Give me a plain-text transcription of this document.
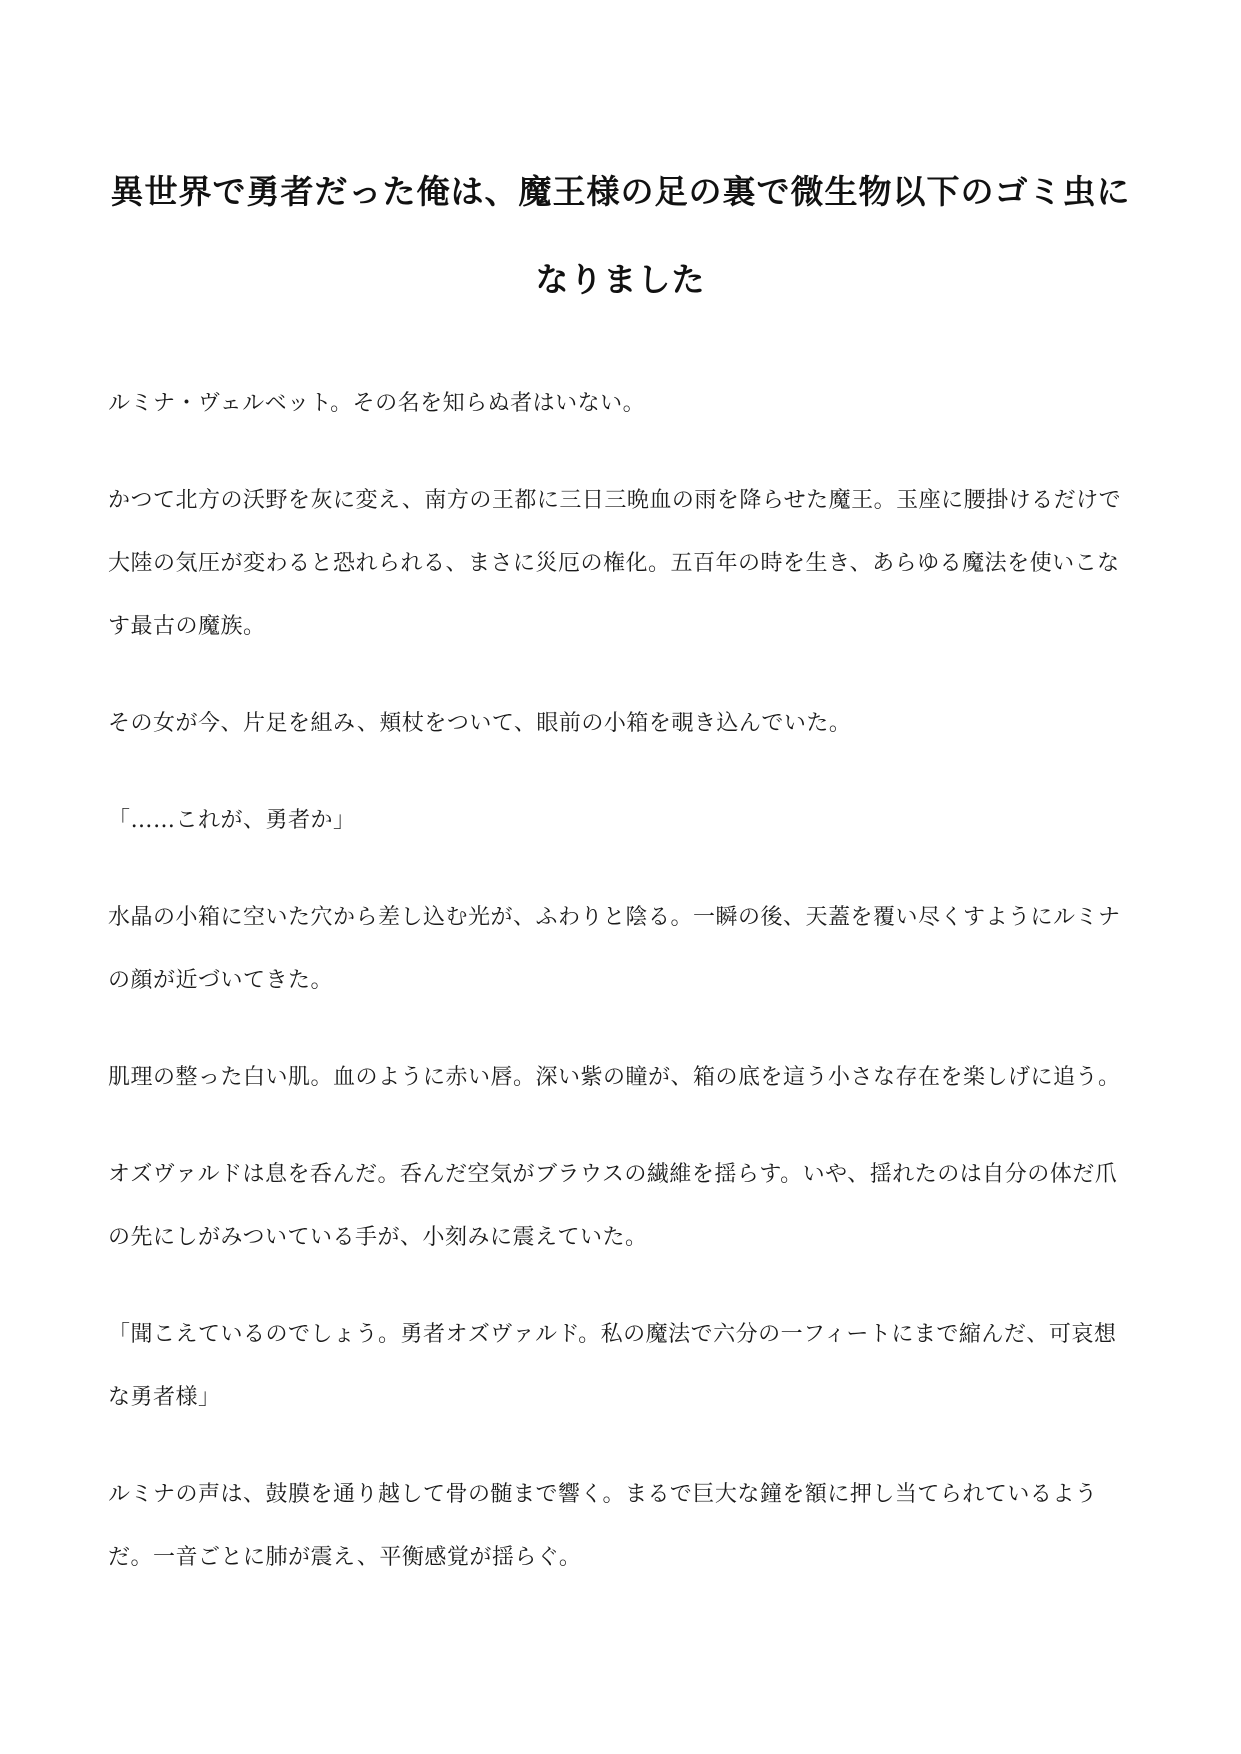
異世界で勇者だった俺は、魔王様の足の裏で微生物以下のゴミ虫になりました

ルミナ・ヴェルベット。その名を知らぬ者はいない。

かつて北方の沃野を灰に変え、南方の王都に三日三晩血の雨を降らせた魔王。玉座に腰掛けるだけで大陸の気圧が変わると恐れられる、まさに災厄の権化。五百年の時を生き、あらゆる魔法を使いこなす最古の魔族。

その女が今、片足を組み、頬杖をついて、眼前の小箱を覗き込んでいた。

「……これが、勇者か」

水晶の小箱に空いた穴から差し込む光が、ふわりと陰る。一瞬の後、天蓋を覆い尽くすようにルミナの顔が近づいてきた。

肌理の整った白い肌。血のように赤い唇。深い紫の瞳が、箱の底を這う小さな存在を楽しげに追う。

オズヴァルドは息を呑んだ。呑んだ空気がブラウスの繊維を揺らす。いや、揺れたのは自分の体だ爪の先にしがみついている手が、小刻みに震えていた。

「聞こえているのでしょう。勇者オズヴァルド。私の魔法で六分の一フィートにまで縮んだ、可哀想な勇者様」

ルミナの声は、鼓膜を通り越して骨の髄まで響く。まるで巨大な鐘を額に押し当てられているようだ。一音ごとに肺が震え、平衡感覚が揺らぐ。
